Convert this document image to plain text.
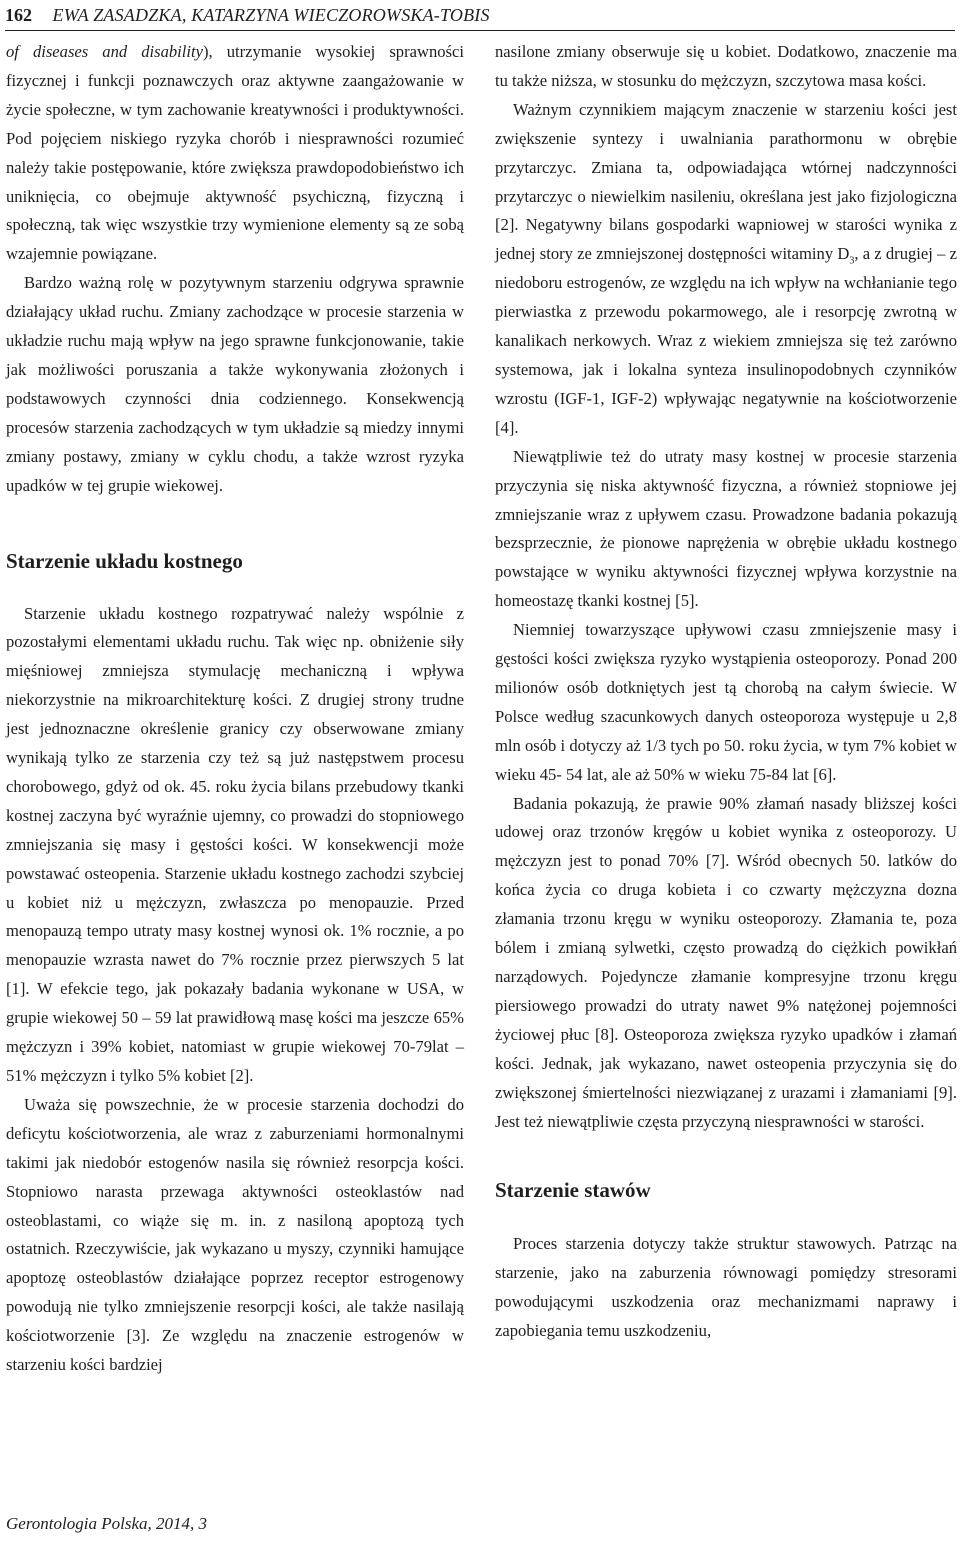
162 EWA ZASADZKA, KATARZYNA WIECZOROWSKA-TOBIS

of diseases and disability), utrzymanie wysokiej sprawności fizycznej i funkcji poznawczych oraz aktywne zaangażowanie w życie społeczne, w tym zachowanie kreatywności i produktywności. Pod pojęciem niskiego ryzyka chorób i niesprawności rozumieć należy takie postępowanie, które zwiększa prawdopodobieństwo ich uniknięcia, co obejmuje aktywność psychiczną, fizyczną i społeczną, tak więc wszystkie trzy wymienione elementy są ze sobą wzajemnie powiązane.

Bardzo ważną rolę w pozytywnym starzeniu odgrywa sprawnie działający układ ruchu. Zmiany zachodzące w procesie starzenia w układzie ruchu mają wpływ na jego sprawne funkcjonowanie, takie jak możliwości poruszania a także wykonywania złożonych i podstawowych czynności dnia codziennego. Konsekwencją procesów starzenia zachodzących w tym układzie są miedzy innymi zmiany postawy, zmiany w cyklu chodu, a także wzrost ryzyka upadków w tej grupie wiekowej.

Starzenie układu kostnego

Starzenie układu kostnego rozpatrywać należy wspólnie z pozostałymi elementami układu ruchu. Tak więc np. obniżenie siły mięśniowej zmniejsza stymulację mechaniczną i wpływa niekorzystnie na mikroarchitekturę kości. Z drugiej strony trudne jest jednoznaczne określenie granicy czy obserwowane zmiany wynikają tylko ze starzenia czy też są już następstwem procesu chorobowego, gdyż od ok. 45. roku życia bilans przebudowy tkanki kostnej zaczyna być wyraźnie ujemny, co prowadzi do stopniowego zmniejszania się masy i gęstości kości. W konsekwencji może powstawać osteopenia. Starzenie układu kostnego zachodzi szybciej u kobiet niż u mężczyzn, zwłaszcza po menopauzie. Przed menopauzą tempo utraty masy kostnej wynosi ok. 1% rocznie, a po menopauzie wzrasta nawet do 7% rocznie przez pierwszych 5 lat [1]. W efekcie tego, jak pokazały badania wykonane w USA, w grupie wiekowej 50 – 59 lat prawidłową masę kości ma jeszcze 65% mężczyzn i 39% kobiet, natomiast w grupie wiekowej 70-79lat – 51% mężczyzn i tylko 5% kobiet [2].

Uważa się powszechnie, że w procesie starzenia dochodzi do deficytu kościotworzenia, ale wraz z zaburzeniami hormonalnymi takimi jak niedobór estogenów nasila się również resorpcja kości. Stopniowo narasta przewaga aktywności osteoklastów nad osteoblastami, co wiąże się m. in. z nasiloną apoptozą tych ostatnich. Rzeczywiście, jak wykazano u myszy, czynniki hamujące apoptozę osteoblastów działające poprzez receptor estrogenowy powodują nie tylko zmniejszenie resorpcji kości, ale także nasilają kościotworzenie [3]. Ze względu na znaczenie estrogenów w starzeniu kości bardziej

nasilone zmiany obserwuje się u kobiet. Dodatkowo, znaczenie ma tu także niższa, w stosunku do mężczyzn, szczytowa masa kości.

Ważnym czynnikiem mającym znaczenie w starzeniu kości jest zwiększenie syntezy i uwalniania parathormonu w obrębie przytarczyc. Zmiana ta, odpowiadająca wtórnej nadczynności przytarczyc o niewielkim nasileniu, określana jest jako fizjologiczna [2]. Negatywny bilans gospodarki wapniowej w starości wynika z jednej story ze zmniejszonej dostępności witaminy $D_3$, a z drugiej – z niedoboru estrogenów, ze względu na ich wpływ na wchłanianie tego pierwiastka z przewodu pokarmowego, ale i resorpcję zwrotną w kanalikach nerkowych. Wraz z wiekiem zmniejsza się też zarówno systemowa, jak i lokalna synteza insulinopodobnych czynników wzrostu (IGF-1, IGF-2) wpływając negatywnie na kościotworzenie [4].

Niewątpliwie też do utraty masy kostnej w procesie starzenia przyczynia się niska aktywność fizyczna, a również stopniowe jej zmniejszanie wraz z upływem czasu. Prowadzone badania pokazują bezsprzecznie, że pionowe naprężenia w obrębie układu kostnego powstające w wyniku aktywności fizycznej wpływa korzystnie na homeostazę tkanki kostnej [5].

Niemniej towarzyszące upływowi czasu zmniejszenie masy i gęstości kości zwiększa ryzyko wystąpienia osteoporozy. Ponad 200 milionów osób dotkniętych jest tą chorobą na całym świecie. W Polsce według szacunkowych danych osteoporoza występuje u 2,8 mln osób i dotyczy aż 1/3 tych po 50. roku życia, w tym 7% kobiet w wieku 45- 54 lat, ale aż 50% w wieku 75-84 lat [6].

Badania pokazują, że prawie 90% złamań nasady bliższej kości udowej oraz trzonów kręgów u kobiet wynika z osteoporozy. U mężczyzn jest to ponad 70% [7]. Wśród obecnych 50. latków do końca życia co druga kobieta i co czwarty mężczyzna dozna złamania trzonu kręgu w wyniku osteoporozy. Złamania te, poza bólem i zmianą sylwetki, często prowadzą do ciężkich powikłań narządowych. Pojedyncze złamanie kompresyjne trzonu kręgu piersiowego prowadzi do utraty nawet 9% natężonej pojemności życiowej płuc [8]. Osteoporoza zwiększa ryzyko upadków i złamań kości. Jednak, jak wykazano, nawet osteopenia przyczynia się do zwiększonej śmiertelności niezwiązanej z urazami i złamaniami [9]. Jest też niewątpliwie częsta przyczyną niesprawności w starości.

Starzenie stawów

Proces starzenia dotyczy także struktur stawowych. Patrząc na starzenie, jako na zaburzenia równowagi pomiędzy stresorami powodującymi uszkodzenia oraz mechanizmami naprawy i zapobiegania temu uszkodzeniu,

Gerontologia Polska, 2014, 3
